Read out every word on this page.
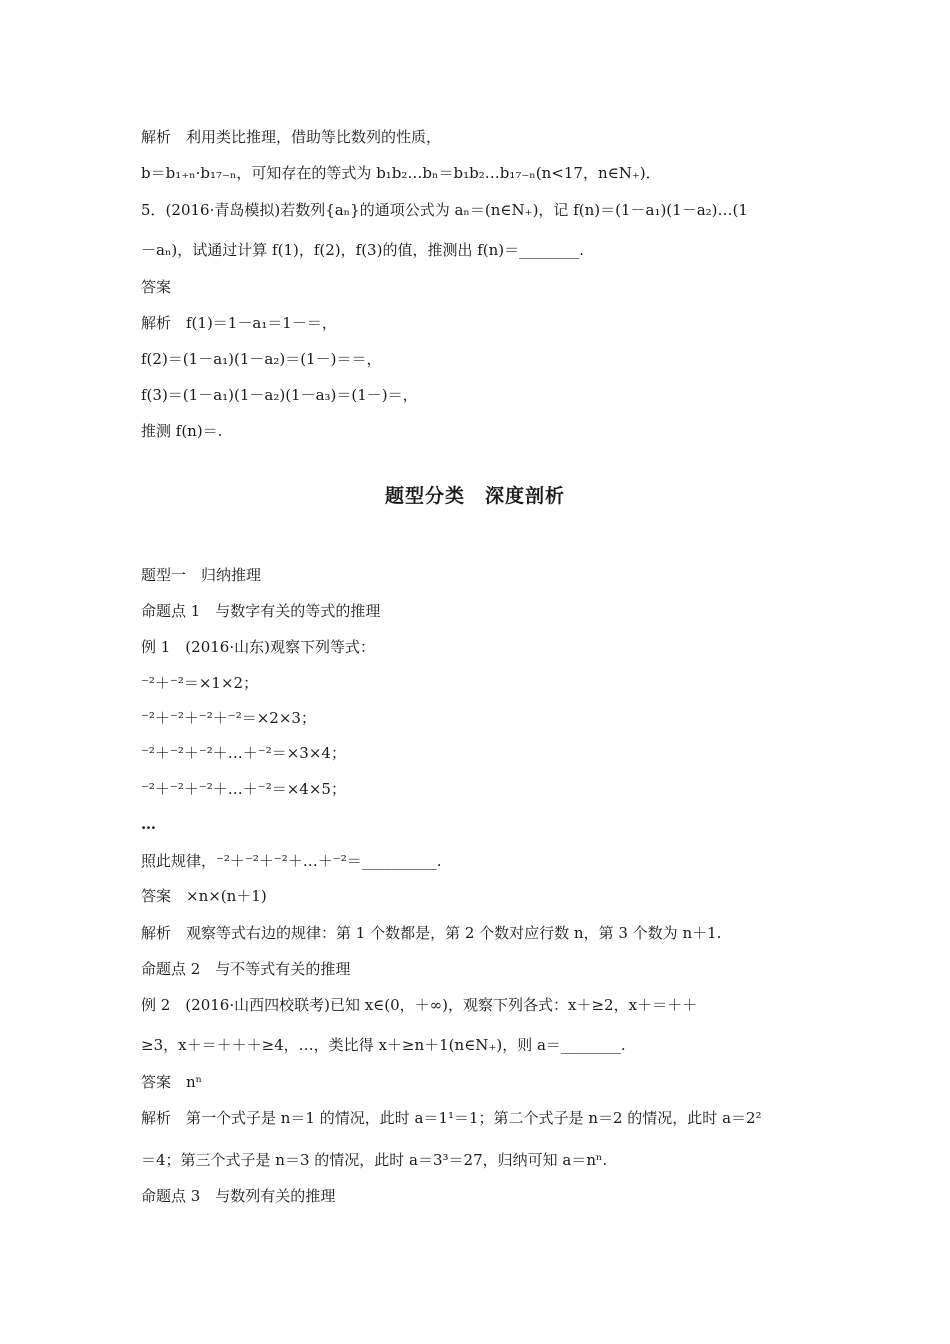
解析　利用类比推理，借助等比数列的性质，
b＝b₁₊ₙ·b₁₇₋ₙ，可知存在的等式为 b₁b₂…bₙ＝b₁b₂…b₁₇₋ₙ(n<17，n∈N₊)．
5．(2016·青岛模拟)若数列{aₙ}的通项公式为 aₙ＝(n∈N₊)，记 f(n)＝(1－a₁)(1－a₂)…(1
－aₙ)，试通过计算 f(1)，f(2)，f(3)的值，推测出 f(n)＝________.
答案
解析　f(1)＝1－a₁＝1－＝，
f(2)＝(1－a₁)(1－a₂)＝(1－)＝＝，
f(3)＝(1－a₁)(1－a₂)(1－a₃)＝(1－)＝，
推测 f(n)＝.
题型分类　深度剖析
题型一　归纳推理
命题点 1　与数字有关的等式的推理
例 1　(2016·山东)观察下列等式：
⁻²＋⁻²＝×1×2；
⁻²＋⁻²＋⁻²＋⁻²＝×2×3；
⁻²＋⁻²＋⁻²＋…＋⁻²＝×3×4；
⁻²＋⁻²＋⁻²＋…＋⁻²＝×4×5；
…
照此规律，⁻²＋⁻²＋⁻²＋…＋⁻²＝__________.
答案　×n×(n＋1)
解析　观察等式右边的规律：第 1 个数都是，第 2 个数对应行数 n，第 3 个数为 n＋1.
命题点 2　与不等式有关的推理
例 2　(2016·山西四校联考)已知 x∈(0，＋∞)，观察下列各式：x＋≥2，x＋＝＋＋
≥3，x＋＝＋＋＋≥4，…，类比得 x＋≥n＋1(n∈N₊)，则 a＝________.
答案　nⁿ
解析　第一个式子是 n＝1 的情况，此时 a＝1¹＝1；第二个式子是 n＝2 的情况，此时 a＝2²
＝4；第三个式子是 n＝3 的情况，此时 a＝3³＝27，归纳可知 a＝nⁿ.
命题点 3　与数列有关的推理
